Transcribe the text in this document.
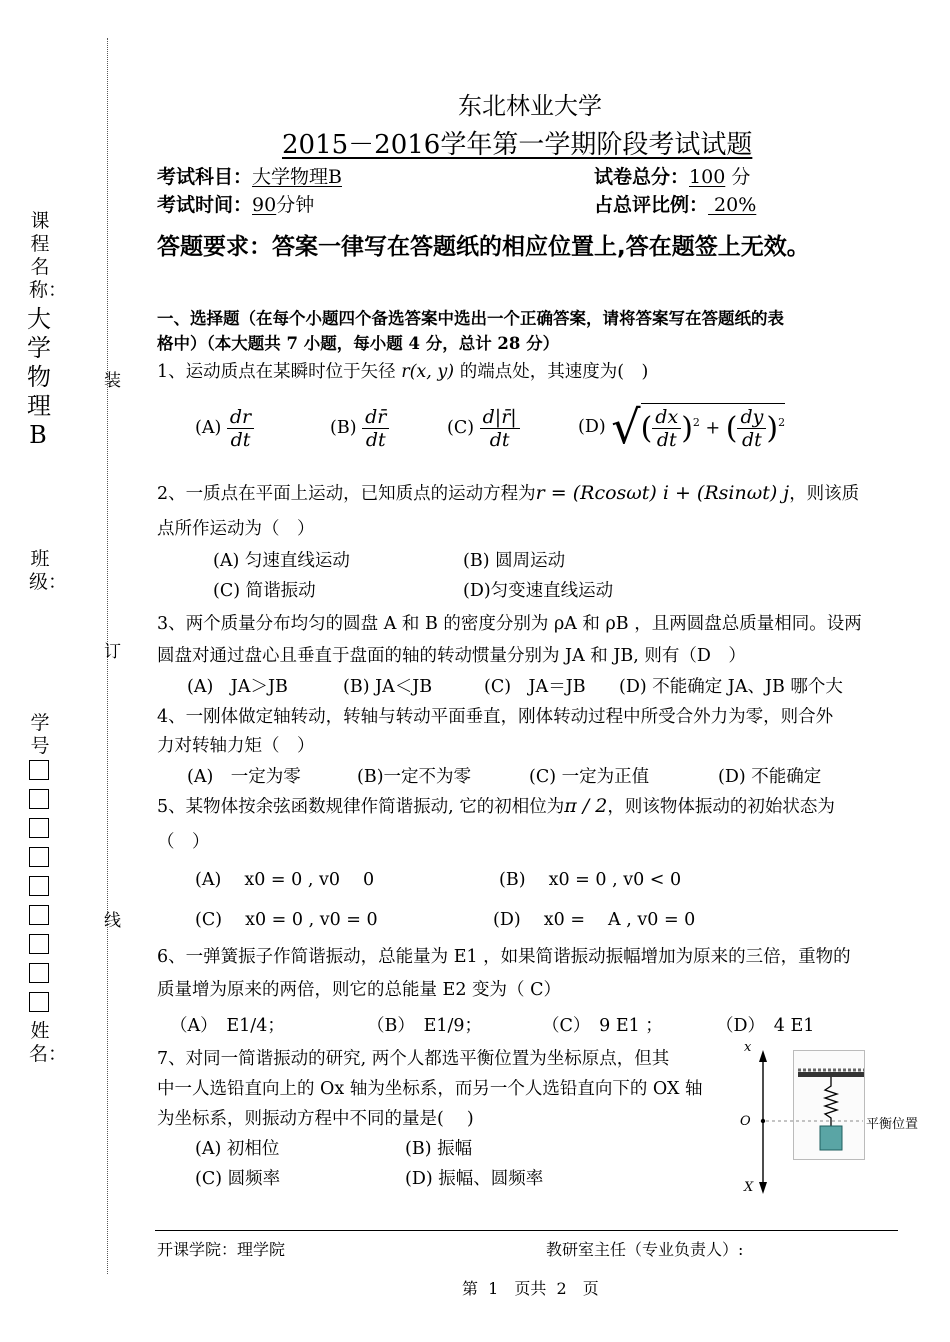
课程名称：
大学物理B
班级：
学号
姓名：
装
订
线
东北林业大学
2015－2016学年第一学期阶段考试试题
考试科目：大学物理B	试卷总分：100 分
考试时间：90分钟	占总评比例： 20%
答题要求：答案一律写在答题纸的相应位置上,答在题签上无效。
一、选择题（在每个小题四个备选答案中选出一个正确答案，请将答案写在答题纸的表
格中）（本大题共 7 小题，每小题 4 分，总计 28 分）
1、运动质点在某瞬时位于矢径 r(x, y) 的端点处，其速度为(　)
$(A) \frac{dr}{dt}$	$(B) \frac{dr̄}{dt}$	$(C) \frac{d|r̄|}{dt}$	(D) √( $\frac{dx}{dt} )^2$ + ( $\frac{dy}{dt} )^2$
2、一质点在平面上运动，已知质点的运动方程为r = (Rcosωt) i + (Rsinωt) j，则该质
点所作运动为（　）
(A) 匀速直线运动	(B) 圆周运动
(C) 简谐振动	(D)匀变速直线运动
3、两个质量分布均匀的圆盘 A 和 B 的密度分别为 ρA 和 ρB ，且两圆盘总质量相同。设两
圆盘对通过盘心且垂直于盘面的轴的转动惯量分别为 JA 和 JB, 则有（D　）
(A)　JA＞JB	(B) JA＜JB	(C)　JA＝JB (D) 不能确定 JA、JB 哪个大
4、一刚体做定轴转动，转轴与转动平面垂直，刚体转动过程中所受合外力为零，则合外
力对转轴力矩（　）
(A)　一定为零	(B)一定不为零	(C) 一定为正值	(D) 不能确定
5、某物体按余弦函数规律作简谐振动, 它的初相位为π / 2，则该物体振动的初始状态为
（　）
(A)　 x0 = 0 , v0　 0	(B)　 x0 = 0 , v0 < 0
(C)　 x0 = 0 , v0 = 0	(D)　 x0 = 　A , v0 = 0
6、一弹簧振子作简谐振动，总能量为 E1 ，如果简谐振动振幅增加为原来的三倍，重物的
质量增为原来的两倍，则它的总能量 E2 变为（ C）
（A）　E1/4；	（B）　E1/9；	（C）　9 E1 ；	（D）　4 E1
7、对同一简谐振动的研究, 两个人都选平衡位置为坐标原点，但其
中一人选铅直向上的 Ox 轴为坐标系，而另一个人选铅直向下的 OX 轴
为坐标系，则振动方程中不同的量是(　 )
(A) 初相位	(B) 振幅
(C) 圆频率	(D) 振幅、圆频率
x
O
X
平衡位置
开课学院：理学院	教研室主任（专业负责人）:
第  1　页共  2　页
